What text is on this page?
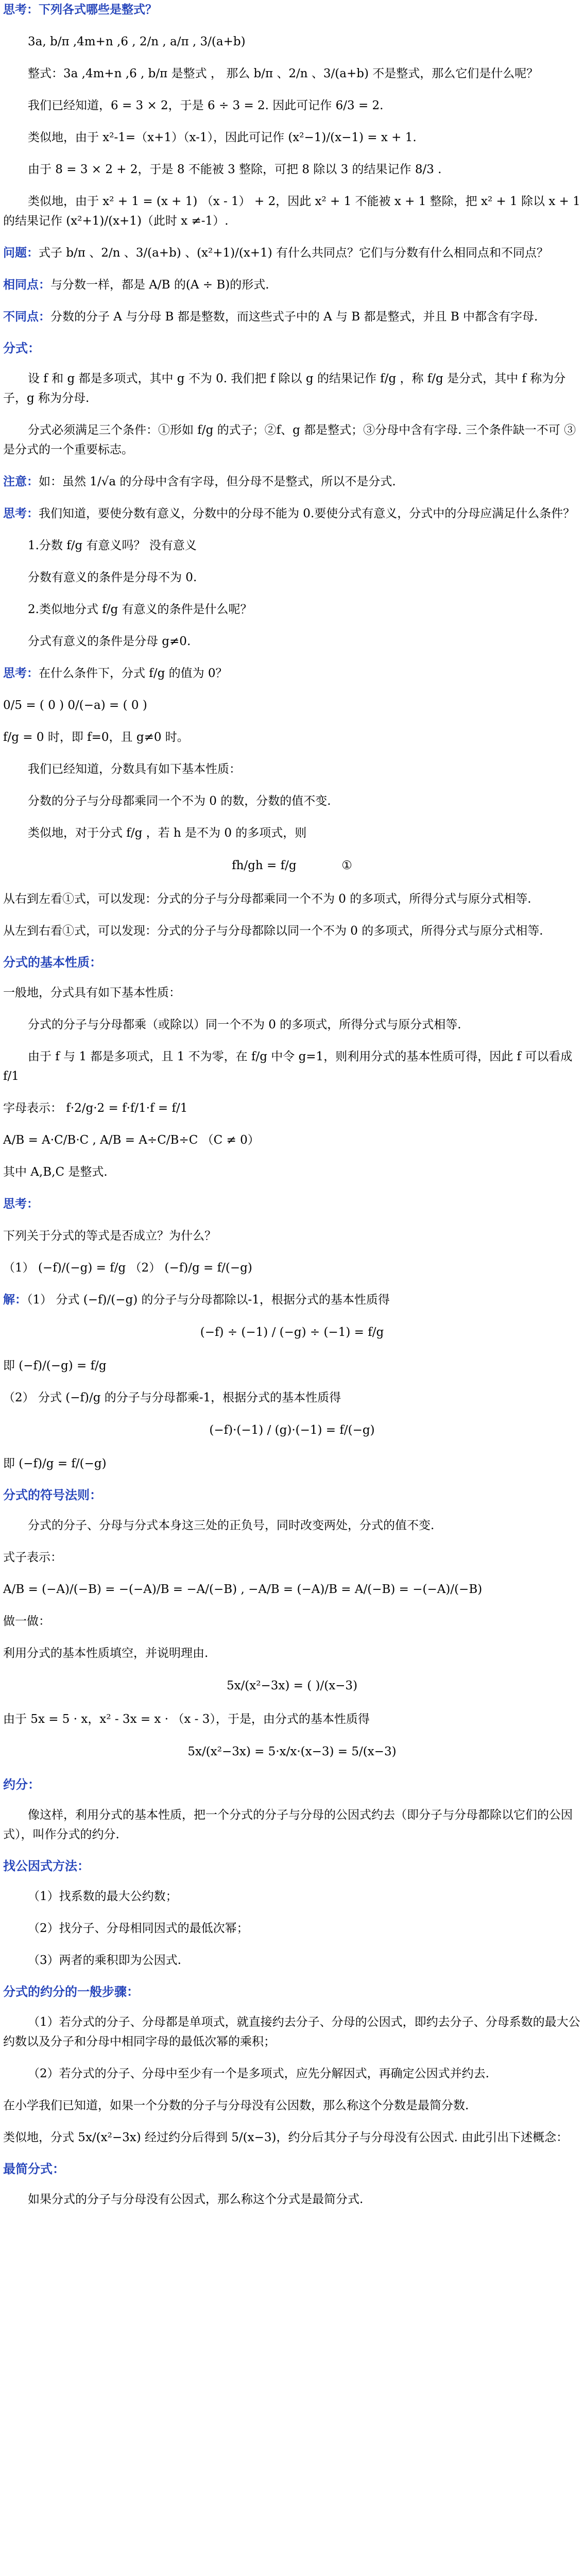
思考：下列各式哪些是整式？
3a, b/π ,4m+n ,6 , 2/n , a/π , 3/(a+b)
整式：3a ,4m+n ,6 , b/π 是整式 ， 那么 b/π 、2/n 、3/(a+b) 不是整式，那么它们是什么呢？
我们已经知道，6 = 3 × 2，于是 6 ÷ 3 = 2. 因此可记作 6/3 = 2.
类似地，由于 x²-1=（x+1）（x-1），因此可记作 (x²−1)/(x−1) = x + 1.
由于 8 = 3 × 2 + 2，于是 8 不能被 3 整除，可把 8 除以 3 的结果记作 8/3 .
类似地，由于 x² + 1 = (x + 1) （x - 1） + 2，因此 x² + 1 不能被 x + 1 整除，把 x² + 1 除以 x + 1 的结果记作 (x²+1)/(x+1)（此时 x ≠-1）.
问题：式子 b/π 、2/n 、3/(a+b) 、(x²+1)/(x+1) 有什么共同点？它们与分数有什么相同点和不同点？
相同点：与分数一样，都是 A/B 的(A ÷ B)的形式.
不同点：分数的分子 A 与分母 B 都是整数，而这些式子中的 A 与 B 都是整式，并且 B 中都含有字母.
分式：
设 f 和 g 都是多项式，其中 g 不为 0. 我们把 f 除以 g 的结果记作 f/g ，称 f/g 是分式，其中 f 称为分子，g 称为分母.
分式必须满足三个条件：①形如 f/g 的式子；②f、g 都是整式；③分母中含有字母. 三个条件缺一不可 ③是分式的一个重要标志。
注意：如：虽然 1/√a 的分母中含有字母，但分母不是整式，所以不是分式.
思考：我们知道，要使分数有意义，分数中的分母不能为 0.要使分式有意义，分式中的分母应满足什么条件？
1.分数 f/g 有意义吗？ 没有意义
分数有意义的条件是分母不为 0.
2.类似地分式 f/g 有意义的条件是什么呢？
分式有意义的条件是分母 g≠0.
思考：在什么条件下，分式 f/g 的值为 0？
0/5 = ( 0 ) 0/(−a) = ( 0 )
f/g = 0 时，即 f=0，且 g≠0 时。
我们已经知道，分数具有如下基本性质：
分数的分子与分母都乘同一个不为 0 的数，分数的值不变.
类似地，对于分式 f/g ，若 h 是不为 0 的多项式，则
fh/gh = f/g	①
从右到左看①式，可以发现：分式的分子与分母都乘同一个不为 0 的多项式，所得分式与原分式相等.
从左到右看①式，可以发现：分式的分子与分母都除以同一个不为 0 的多项式，所得分式与原分式相等.
分式的基本性质：
一般地，分式具有如下基本性质：
分式的分子与分母都乘（或除以）同一个不为 0 的多项式，所得分式与原分式相等.
由于 f 与 1 都是多项式，且 1 不为零，在 f/g 中令 g=1，则利用分式的基本性质可得，因此 f 可以看成 f/1
字母表示： f·2/g·2 = f·f/1·f = f/1
A/B = A·C/B·C , A/B = A÷C/B÷C （C ≠ 0）
其中 A,B,C 是整式.
思考：
下列关于分式的等式是否成立？为什么？
（1） (−f)/(−g) = f/g （2） (−f)/g = f/(−g)
解：（1） 分式 (−f)/(−g) 的分子与分母都除以-1，根据分式的基本性质得
(−f) ÷ (−1) / (−g) ÷ (−1) = f/g
即 (−f)/(−g) = f/g
（2） 分式 (−f)/g 的分子与分母都乘-1，根据分式的基本性质得
(−f)·(−1) / (g)·(−1) = f/(−g)
即 (−f)/g = f/(−g)
分式的符号法则：
分式的分子、分母与分式本身这三处的正负号，同时改变两处，分式的值不变.
式子表示：
A/B = (−A)/(−B) = −(−A)/B = −A/(−B) , −A/B = (−A)/B = A/(−B) = −(−A)/(−B)
做一做：
利用分式的基本性质填空，并说明理由.
5x/(x²−3x) = ( )/(x−3)
由于 5x = 5 · x，x² - 3x = x · （x - 3），于是，由分式的基本性质得
5x/(x²−3x) = 5·x/x·(x−3) = 5/(x−3)
约分：
像这样，利用分式的基本性质，把一个分式的分子与分母的公因式约去（即分子与分母都除以它们的公因式），叫作分式的约分.
找公因式方法：
（1）找系数的最大公约数；
（2）找分子、分母相同因式的最低次幂；
（3）两者的乘积即为公因式.
分式的约分的一般步骤：
（1）若分式的分子、分母都是单项式，就直接约去分子、分母的公因式，即约去分子、分母系数的最大公约数以及分子和分母中相同字母的最低次幂的乘积；
（2）若分式的分子、分母中至少有一个是多项式，应先分解因式，再确定公因式并约去.
在小学我们已知道，如果一个分数的分子与分母没有公因数，那么称这个分数是最简分数.
类似地，分式 5x/(x²−3x) 经过约分后得到 5/(x−3)，约分后其分子与分母没有公因式. 由此引出下述概念：
最简分式：
如果分式的分子与分母没有公因式，那么称这个分式是最简分式.
